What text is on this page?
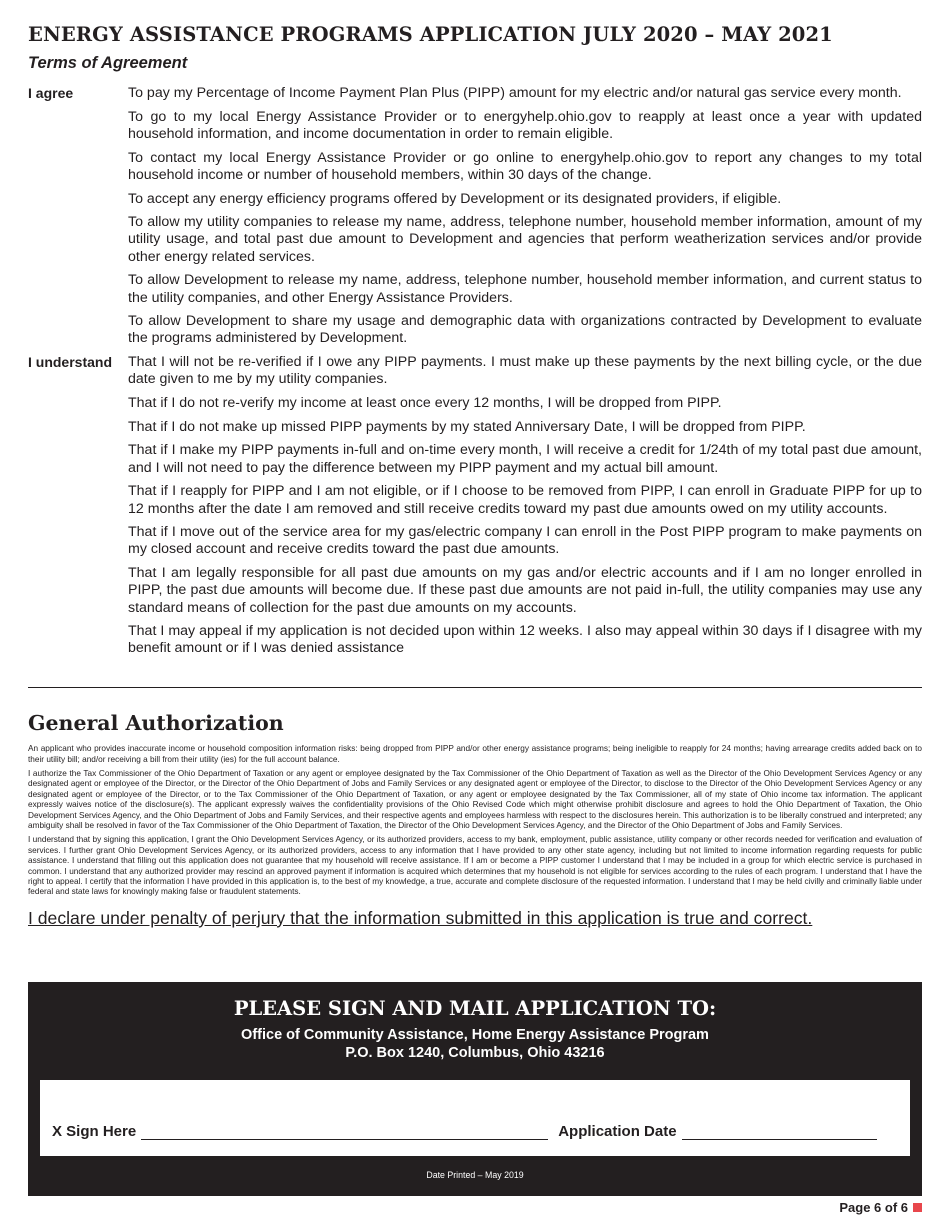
ENERGY ASSISTANCE PROGRAMS APPLICATION JULY 2020 – MAY 2021
Terms of Agreement
I agree	To pay my Percentage of Income Payment Plan Plus (PIPP) amount for my electric and/or natural gas service every month.

To go to my local Energy Assistance Provider or to energyhelp.ohio.gov to reapply at least once a year with updated household information, and income documentation in order to remain eligible.

To contact my local Energy Assistance Provider or go online to energyhelp.ohio.gov to report any changes to my total household income or number of household members, within 30 days of the change.

To accept any energy efficiency programs offered by Development or its designated providers, if eligible.

To allow my utility companies to release my name, address, telephone number, household member information, amount of my utility usage, and total past due amount to Development and agencies that perform weatherization services and/or provide other energy related services.

To allow Development to release my name, address, telephone number, household member information, and current status to the utility companies, and other Energy Assistance Providers.

To allow Development to share my usage and demographic data with organizations contracted by Development to evaluate the programs administered by Development.

I understand	That I will not be re-verified if I owe any PIPP payments. I must make up these payments by the next billing cycle, or the due date given to me by my utility companies.

That if I do not re-verify my income at least once every 12 months, I will be dropped from PIPP.

That if I do not make up missed PIPP payments by my stated Anniversary Date, I will be dropped from PIPP.

That if I make my PIPP payments in-full and on-time every month, I will receive a credit for 1/24th of my total past due amount, and I will not need to pay the difference between my PIPP payment and my actual bill amount.

That if I reapply for PIPP and I am not eligible, or if I choose to be removed from PIPP, I can enroll in Graduate PIPP for up to 12 months after the date I am removed and still receive credits toward my past due amounts owed on my utility accounts.

That if I move out of the service area for my gas/electric company I can enroll in the Post PIPP program to make payments on my closed account and receive credits toward the past due amounts.

That I am legally responsible for all past due amounts on my gas and/or electric accounts and if I am no longer enrolled in PIPP, the past due amounts will become due. If these past due amounts are not paid in-full, the utility companies may use any standard means of collection for the past due amounts on my accounts.

That I may appeal if my application is not decided upon within 12 weeks. I also may appeal within 30 days if I disagree with my benefit amount or if I was denied assistance

General Authorization

An applicant who provides inaccurate income or household composition information risks: being dropped from PIPP and/or other energy assistance programs; being ineligible to reapply for 24 months; having arrearage credits added back on to their utility bill; and/or receiving a bill from their utility (ies) for the full account balance.

I authorize the Tax Commissioner of the Ohio Department of Taxation or any agent or employee designated by the Tax Commissioner of the Ohio Department of Taxation as well as the Director of the Ohio Development Services Agency or any designated agent or employee of the Director, or the Director of the Ohio Department of Jobs and Family Services or any designated agent or employee of the Director, to disclose to the Director of the Ohio Development Services Agency or any designated agent or employee of the Director, or to the Tax Commissioner of the Ohio Department of Taxation, or any agent or employee designated by the Tax Commissioner, all of my state of Ohio income tax information. The applicant expressly waives notice of the disclosure(s). The applicant expressly waives the confidentiality provisions of the Ohio Revised Code which might otherwise prohibit disclosure and agrees to hold the Ohio Department of Taxation, the Ohio Development Services Agency, and the Ohio Department of Jobs and Family Services, and their respective agents and employees harmless with respect to the disclosures herein. This authorization is to be liberally construed and interpreted; any ambiguity shall be resolved in favor of the Tax Commissioner of the Ohio Department of Taxation, the Director of the Ohio Development Services Agency, and the Director of the Ohio Department of Jobs and Family Services.

I understand that by signing this application, I grant the Ohio Development Services Agency, or its authorized providers, access to my bank, employment, public assistance, utility company or other records needed for verification and evaluation of services. I further grant Ohio Development Services Agency, or its authorized providers, access to any information that I have provided to any other state agency, including but not limited to income information regarding requests for public assistance. I understand that filling out this application does not guarantee that my household will receive assistance. If I am or become a PIPP customer I understand that I may be included in a group for which electric service is purchased in common. I understand that any authorized provider may rescind an approved payment if information is acquired which determines that my household is not eligible for services according to the rules of each program. I understand that I have the right to appeal. I certify that the information I have provided in this application is, to the best of my knowledge, a true, accurate and complete disclosure of the requested information. I understand that I may be held civilly and criminally liable under federal and state laws for knowingly making false or fraudulent statements.

I declare under penalty of perjury that the information submitted in this application is true and correct.
PLEASE SIGN AND MAIL APPLICATION TO:
Office of Community Assistance, Home Energy Assistance Program
P.O. Box 1240, Columbus, Ohio 43216
X Sign Here	Application Date
Date Printed – May 2019
Page 6 of 6
